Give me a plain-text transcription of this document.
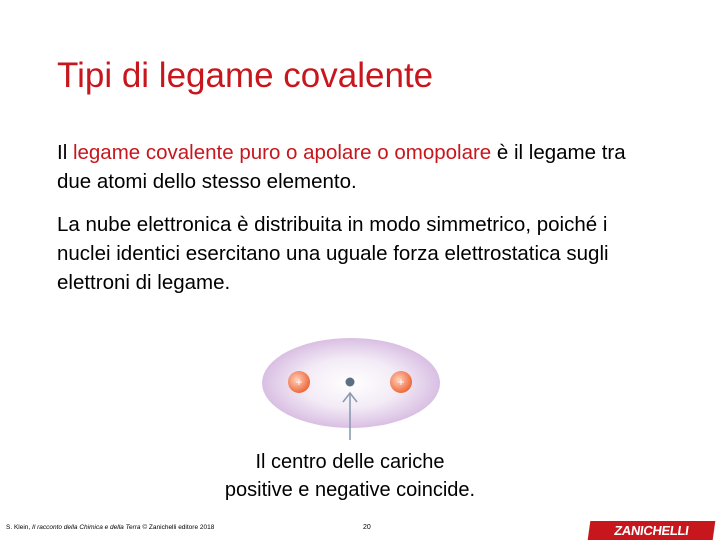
Tipi di legame covalente
Il legame covalente puro o apolare o omopolare è il legame tra due atomi dello stesso elemento.
La nube elettronica è distribuita in modo simmetrico, poiché i nuclei identici esercitano una uguale forza elettrostatica sugli elettroni di legame.
+	+
Il centro delle cariche
positive e negative coincide.
S. Klein, Il racconto della Chimica e della Terra © Zanichelli editore 2018	20	ZANICHELLI
